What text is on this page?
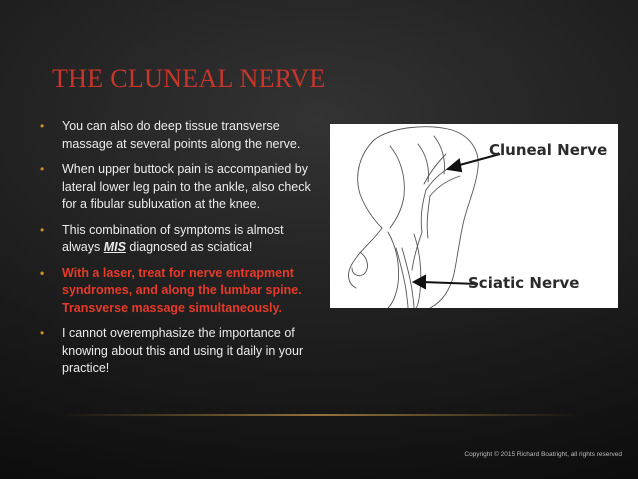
THE CLUNEAL NERVE
• You can also do deep tissue transverse massage at several points along the nerve.
• When upper buttock pain is accompanied by lateral lower leg pain to the ankle, also check for a fibular subluxation at the knee.
• This combination of symptoms is almost always MIS diagnosed as sciatica!
• With a laser, treat for nerve entrapment syndromes, and along the lumbar spine. Transverse massage simultaneously.
• I cannot overemphasize the importance of knowing about this and using it daily in your practice!
Cluneal Nerve
Sciatic Nerve
Copyright © 2015 Richard Boatright, all rights reserved
